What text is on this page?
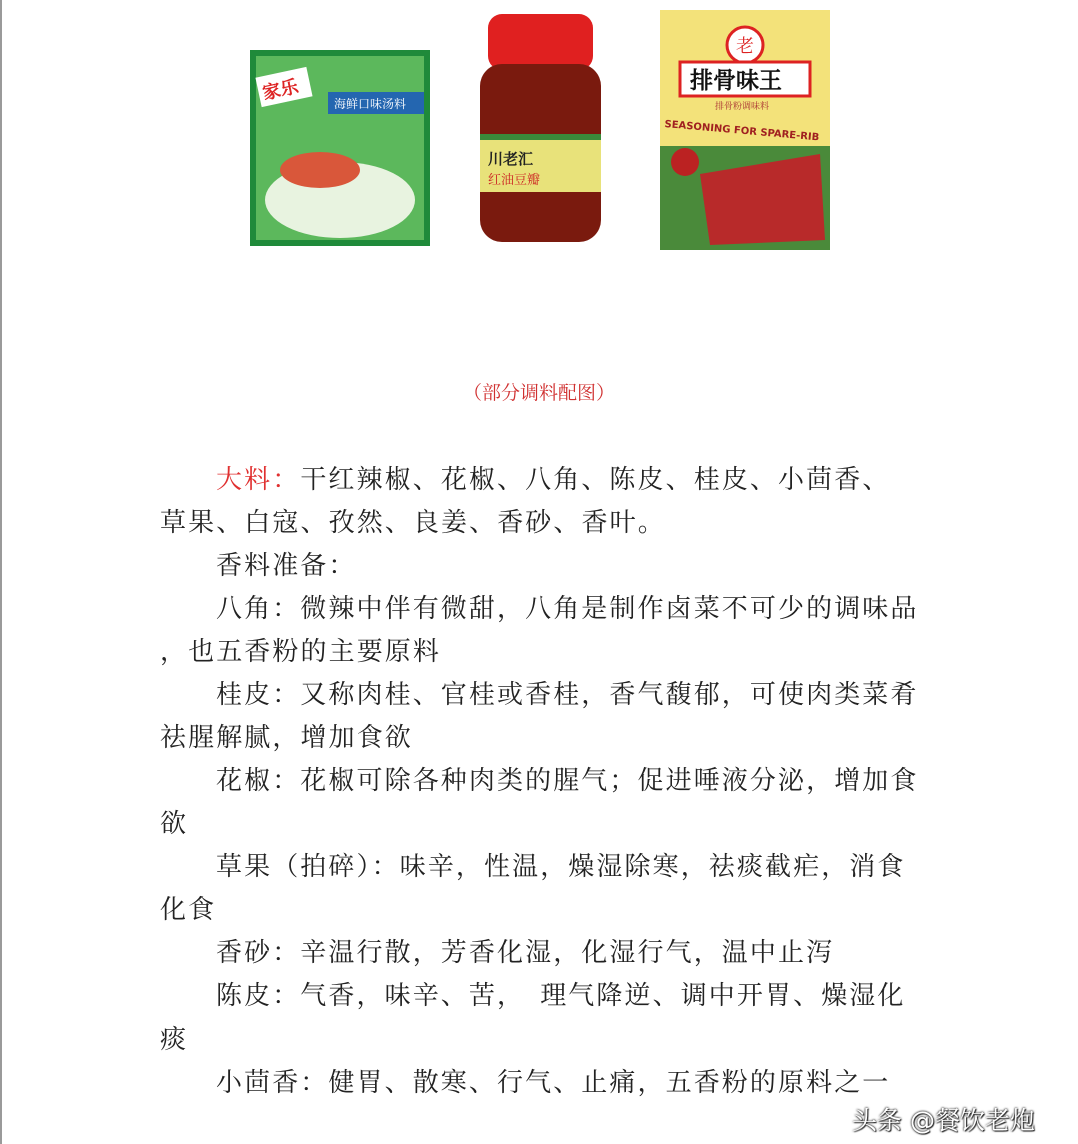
海鲜口味汤料
家乐
川老汇
红油豆瓣
老
排骨味王
排骨粉调味料
SEASONING FOR SPARE-RIB
（部分调料配图）
大料：干红辣椒、花椒、八角、陈皮、桂皮、小茴香、
草果、白寇、孜然、良姜、香砂、香叶。
香料准备：
八角：微辣中伴有微甜，八角是制作卤菜不可少的调味品
，也五香粉的主要原料
桂皮：又称肉桂、官桂或香桂，香气馥郁，可使肉类菜肴
祛腥解腻，增加食欲
花椒：花椒可除各种肉类的腥气；促进唾液分泌，增加食
欲
草果（拍碎）：味辛，性温，燥湿除寒，祛痰截疟，消食
化食
香砂：辛温行散，芳香化湿，化湿行气，温中止泻
陈皮：气香，味辛、苦，　理气降逆、调中开胃、燥湿化
痰
小茴香：健胃、散寒、行气、止痛，五香粉的原料之一
头条 @餐饮老炮
